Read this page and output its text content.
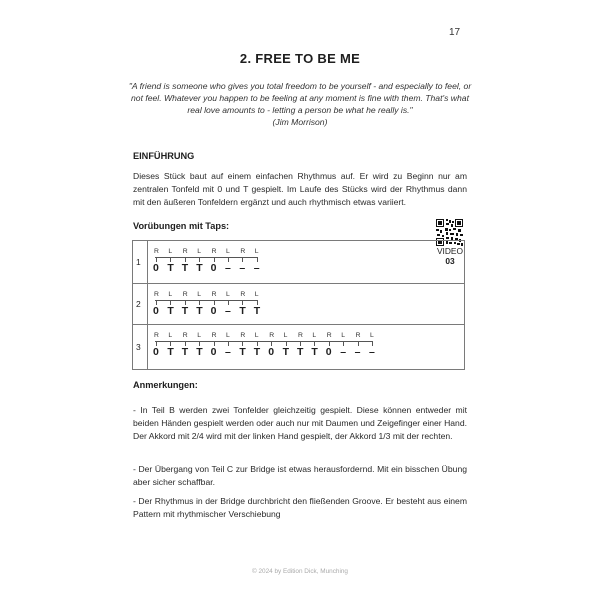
17
2. FREE TO BE ME
"A friend is someone who gives you total freedom to be yourself - and especially to feel, or not feel. Whatever you happen to be feeling at any moment is fine with them. That's what real love amounts to - letting a person be what he really is."
(Jim Morrison)
EINFÜHRUNG

Dieses Stück baut auf einem einfachen Rhythmus auf. Er wird zu Beginn nur am zentralen Tonfeld mit 0 und T gespielt. Im Laufe des Stücks wird der Rhythmus dann mit den äußeren Tonfeldern ergänzt und auch rhythmisch etwas variiert.

Vorübungen mit Taps:
VIDEO
03
1
R
0
L
T
R
T
L
T
R
0
L
–
R
–
L
–
2
R
0
L
T
R
T
L
T
R
0
L
–
R
T
L
T
3
R
0
L
T
R
T
L
T
R
0
L
–
R
T
L
T
R
0
L
T
R
T
L
T
R
0
L
–
R
–
L
–
Anmerkungen:

- In Teil B werden zwei Tonfelder gleichzeitig gespielt. Diese können entweder mit beiden Händen gespielt werden oder auch nur mit Daumen und Zeigefinger einer Hand. Der Akkord mit 2/4 wird mit der linken Hand gespielt, der Akkord 1/3 mit der rechten.

- Der Übergang von Teil C zur Bridge ist etwas herausfordernd. Mit ein bisschen Übung aber sicher schaffbar.

- Der Rhythmus in der Bridge durchbricht den fließenden Groove. Er besteht aus einem Pattern mit rhythmischer Verschiebung

© 2024 by Edition Dick, Munching
